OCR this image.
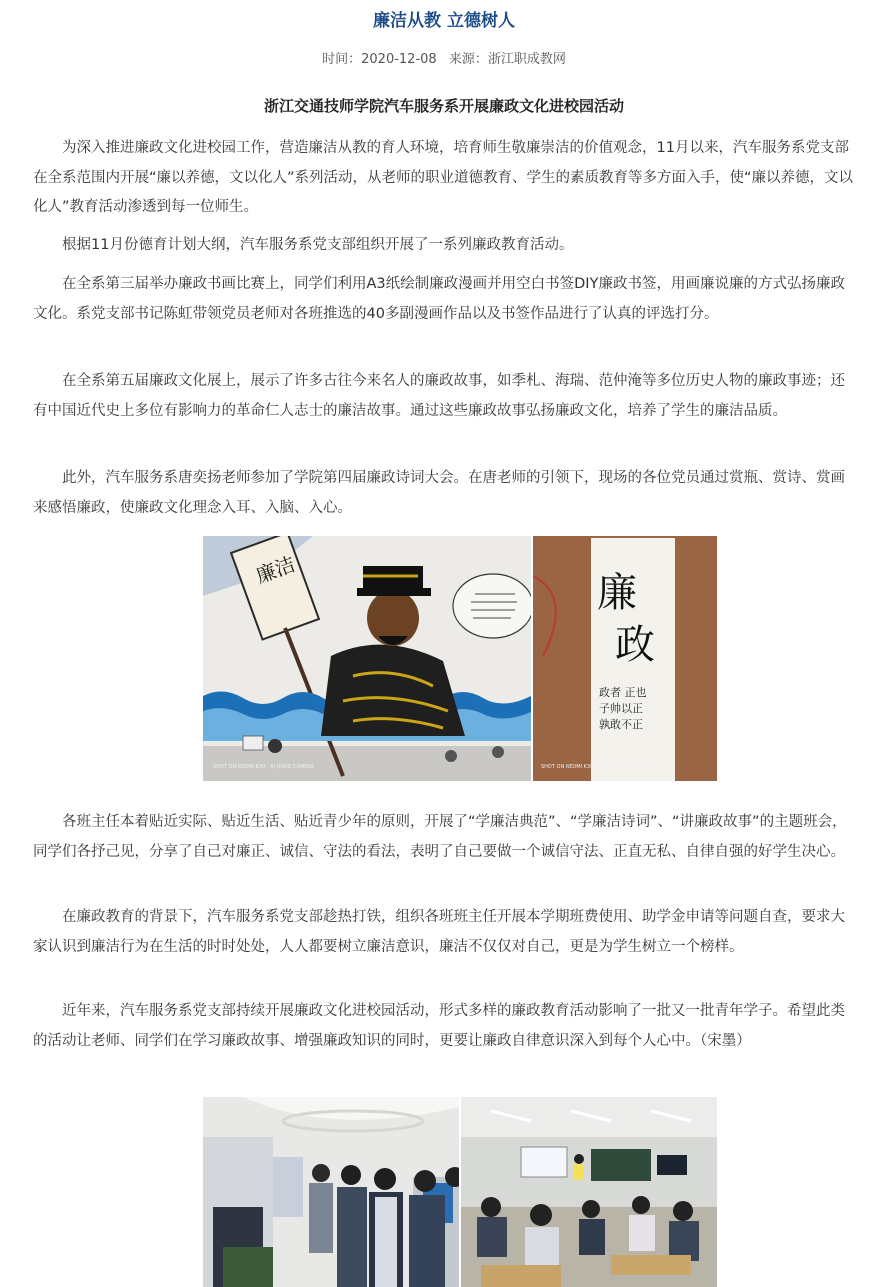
廉洁从教 立德树人
时间：2020-12-08 来源：浙江职成教网
浙江交通技师学院汽车服务系开展廉政文化进校园活动

为深入推进廉政文化进校园工作，营造廉洁从教的育人环境，培育师生敬廉崇洁的价值观念，11月以来，汽车服务系党支部在全系范围内开展“廉以养德，文以化人”系列活动，从老师的职业道德教育、学生的素质教育等多方面入手，使“廉以养德，文以化人”教育活动渗透到每一位师生。

根据11月份德育计划大纲，汽车服务系党支部组织开展了一系列廉政教育活动。

在全系第三届举办廉政书画比赛上，同学们利用A3纸绘制廉政漫画并用空白书签DIY廉政书签，用画廉说廉的方式弘扬廉政文化。系党支部书记陈虹带领党员老师对各班推选的40多副漫画作品以及书签作品进行了认真的评选打分。

在全系第五届廉政文化展上，展示了许多古往今来名人的廉政故事，如季札、海瑞、范仲淹等多位历史人物的廉政事迹；还有中国近代史上多位有影响力的革命仁人志士的廉洁故事。通过这些廉政故事弘扬廉政文化，培养了学生的廉洁品质。

此外，汽车服务系唐奕扬老师参加了学院第四届廉政诗词大会。在唐老师的引领下，现场的各位党员通过赏瓶、赏诗、赏画来感悟廉政，使廉政文化理念入耳、入脑、入心。

廉洁
SHOT ON REDMI K30 · AI QUAD CAMERA
廉
政
政者 正也
子帅以正
孰敢不正
SHOT ON REDMI K30 · AI QUAD CAMERA

各班主任本着贴近实际、贴近生活、贴近青少年的原则，开展了“学廉洁典范”、“学廉洁诗词”、“讲廉政故事”的主题班会，同学们各抒己见，分享了自己对廉正、诚信、守法的看法，表明了自己要做一个诚信守法、正直无私、自律自强的好学生决心。

在廉政教育的背景下，汽车服务系党支部趁热打铁，组织各班班主任开展本学期班费使用、助学金申请等问题自查，要求大家认识到廉洁行为在生活的时时处处，人人都要树立廉洁意识，廉洁不仅仅对自己，更是为学生树立一个榜样。

近年来，汽车服务系党支部持续开展廉政文化进校园活动，形式多样的廉政教育活动影响了一批又一批青年学子。希望此类的活动让老师、同学们在学习廉政故事、增强廉政知识的同时，更要让廉政自律意识深入到每个人心中。（宋墨）
